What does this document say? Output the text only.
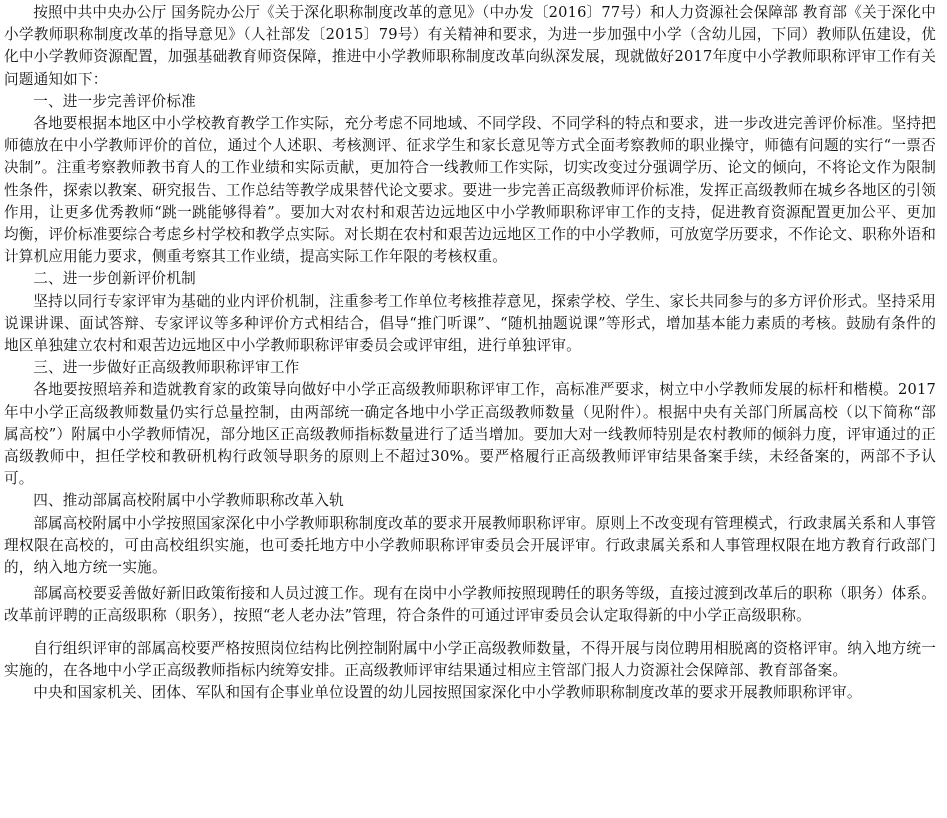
按照中共中央办公厅 国务院办公厅《关于深化职称制度改革的意见》（中办发〔2016〕77号）和人力资源社会保障部 教育部《关于深化中小学教师职称制度改革的指导意见》（人社部发〔2015〕79号）有关精神和要求，为进一步加强中小学（含幼儿园，下同）教师队伍建设，优化中小学教师资源配置，加强基础教育师资保障，推进中小学教师职称制度改革向纵深发展，现就做好2017年度中小学教师职称评审工作有关问题通知如下：

一、进一步完善评价标准

各地要根据本地区中小学校教育教学工作实际，充分考虑不同地域、不同学段、不同学科的特点和要求，进一步改进完善评价标准。坚持把师德放在中小学教师评价的首位，通过个人述职、考核测评、征求学生和家长意见等方式全面考察教师的职业操守，师德有问题的实行“一票否决制”。注重考察教师教书育人的工作业绩和实际贡献，更加符合一线教师工作实际，切实改变过分强调学历、论文的倾向，不将论文作为限制性条件，探索以教案、研究报告、工作总结等教学成果替代论文要求。要进一步完善正高级教师评价标准，发挥正高级教师在城乡各地区的引领作用，让更多优秀教师“跳一跳能够得着”。要加大对农村和艰苦边远地区中小学教师职称评审工作的支持，促进教育资源配置更加公平、更加均衡，评价标准要综合考虑乡村学校和教学点实际。对长期在农村和艰苦边远地区工作的中小学教师，可放宽学历要求，不作论文、职称外语和计算机应用能力要求，侧重考察其工作业绩，提高实际工作年限的考核权重。

二、进一步创新评价机制

坚持以同行专家评审为基础的业内评价机制，注重参考工作单位考核推荐意见，探索学校、学生、家长共同参与的多方评价形式。坚持采用说课讲课、面试答辩、专家评议等多种评价方式相结合，倡导“推门听课”、“随机抽题说课”等形式，增加基本能力素质的考核。鼓励有条件的地区单独建立农村和艰苦边远地区中小学教师职称评审委员会或评审组，进行单独评审。

三、进一步做好正高级教师职称评审工作

各地要按照培养和造就教育家的政策导向做好中小学正高级教师职称评审工作，高标准严要求，树立中小学教师发展的标杆和楷模。2017年中小学正高级教师数量仍实行总量控制，由两部统一确定各地中小学正高级教师数量（见附件）。根据中央有关部门所属高校（以下简称“部属高校”）附属中小学教师情况，部分地区正高级教师指标数量进行了适当增加。要加大对一线教师特别是农村教师的倾斜力度，评审通过的正高级教师中，担任学校和教研机构行政领导职务的原则上不超过30%。要严格履行正高级教师评审结果备案手续，未经备案的，两部不予认可。

四、推动部属高校附属中小学教师职称改革入轨

部属高校附属中小学按照国家深化中小学教师职称制度改革的要求开展教师职称评审。原则上不改变现有管理模式，行政隶属关系和人事管理权限在高校的，可由高校组织实施，也可委托地方中小学教师职称评审委员会开展评审。行政隶属关系和人事管理权限在地方教育行政部门的，纳入地方统一实施。

部属高校要妥善做好新旧政策衔接和人员过渡工作。现有在岗中小学教师按照现聘任的职务等级，直接过渡到改革后的职称（职务）体系。改革前评聘的正高级职称（职务），按照“老人老办法”管理，符合条件的可通过评审委员会认定取得新的中小学正高级职称。

自行组织评审的部属高校要严格按照岗位结构比例控制附属中小学正高级教师数量，不得开展与岗位聘用相脱离的资格评审。纳入地方统一实施的，在各地中小学正高级教师指标内统筹安排。正高级教师评审结果通过相应主管部门报人力资源社会保障部、教育部备案。

中央和国家机关、团体、军队和国有企事业单位设置的幼儿园按照国家深化中小学教师职称制度改革的要求开展教师职称评审。
